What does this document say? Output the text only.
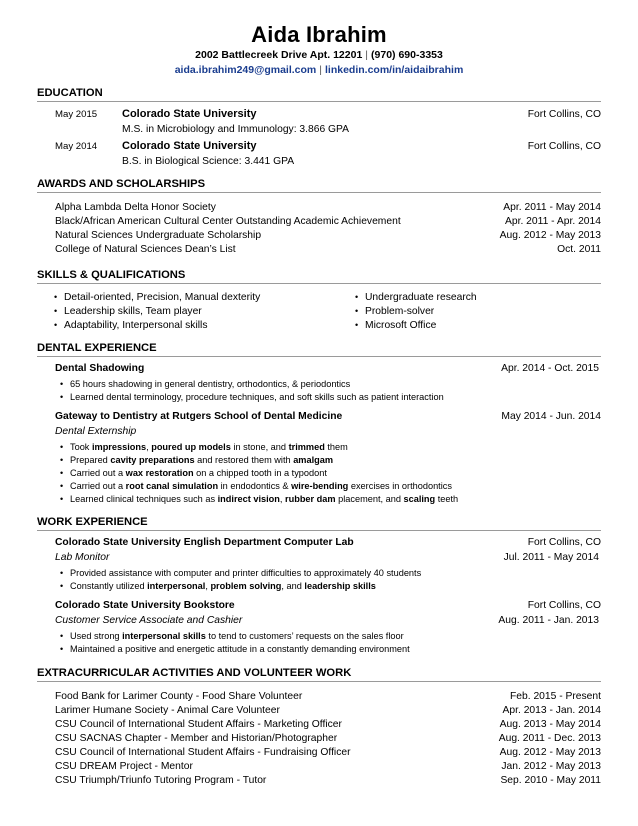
Aida Ibrahim
2002 Battlecreek Drive Apt. 12201 | (970) 690-3353
aida.ibrahim249@gmail.com | linkedin.com/in/aidaibrahim
EDUCATION
May 2015 Colorado State University	Fort Collins, CO
M.S. in Microbiology and Immunology: 3.866 GPA
May 2014 Colorado State University	Fort Collins, CO
B.S. in Biological Science: 3.441 GPA
AWARDS AND SCHOLARSHIPS
Alpha Lambda Delta Honor Society	Apr. 2011 - May 2014
Black/African American Cultural Center Outstanding Academic Achievement	Apr. 2011 - Apr. 2014
Natural Sciences Undergraduate Scholarship	Aug. 2012 - May 2013
College of Natural Sciences Dean’s List	Oct. 2011
SKILLS & QUALIFICATIONS
• Detail-oriented, Precision, Manual dexterity
• Leadership skills, Team player
• Adaptability, Interpersonal skills
• Undergraduate research
• Problem-solver
• Microsoft Office
DENTAL EXPERIENCE
Dental Shadowing	Apr. 2014 - Oct. 2015
• 65 hours shadowing in general dentistry, orthodontics, & periodontics
• Learned dental terminology, procedure techniques, and soft skills such as patient interaction
Gateway to Dentistry at Rutgers School of Dental Medicine	May 2014 - Jun. 2014
Dental Externship
• Took impressions, poured up models in stone, and trimmed them
• Prepared cavity preparations and restored them with amalgam
• Carried out a wax restoration on a chipped tooth in a typodont
• Carried out a root canal simulation in endodontics & wire-bending exercises in orthodontics
• Learned clinical techniques such as indirect vision, rubber dam placement, and scaling teeth
WORK EXPERIENCE
Colorado State University English Department Computer Lab	Fort Collins, CO
Lab Monitor	Jul. 2011 - May 2014
• Provided assistance with computer and printer difficulties to approximately 40 students
• Constantly utilized interpersonal, problem solving, and leadership skills
Colorado State University Bookstore	Fort Collins, CO
Customer Service Associate and Cashier	Aug. 2011 - Jan. 2013
• Used strong interpersonal skills to tend to customers’ requests on the sales floor
• Maintained a positive and energetic attitude in a constantly demanding environment
EXTRACURRICULAR ACTIVITIES AND VOLUNTEER WORK
Food Bank for Larimer County - Food Share Volunteer	Feb. 2015 - Present
Larimer Humane Society - Animal Care Volunteer	Apr. 2013 - Jan. 2014
CSU Council of International Student Affairs - Marketing Officer	Aug. 2013 - May 2014
CSU SACNAS Chapter - Member and Historian/Photographer	Aug. 2011 - Dec. 2013
CSU Council of International Student Affairs - Fundraising Officer	Aug. 2012 - May 2013
CSU DREAM Project - Mentor	Jan. 2012 - May 2013
CSU Triumph/Triunfo Tutoring Program - Tutor	Sep. 2010 - May 2011
